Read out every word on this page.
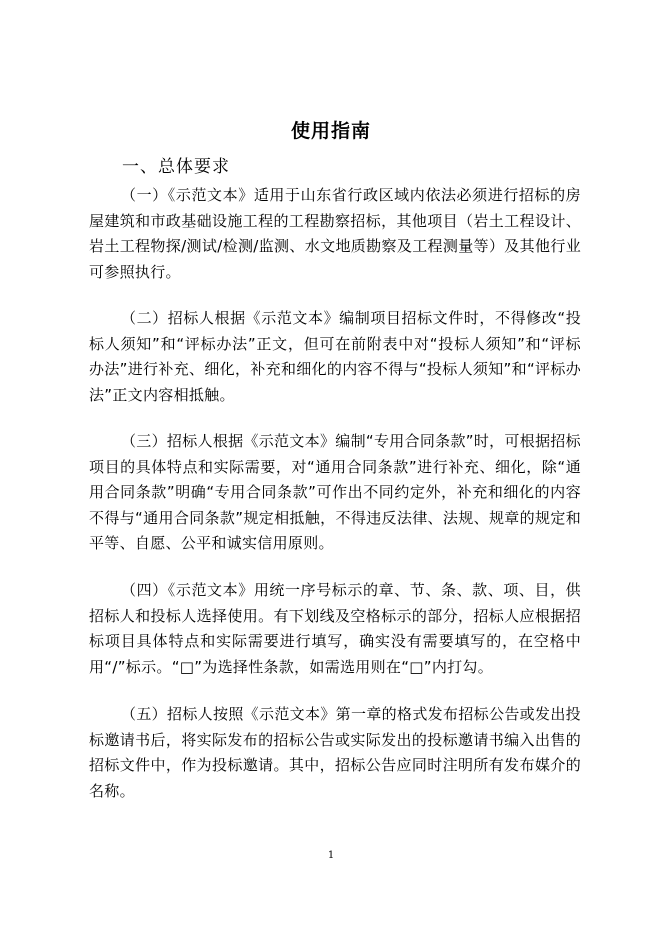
使用指南
一、总体要求

（一）《示范文本》适用于山东省行政区域内依法必须进行招标的房屋建筑和市政基础设施工程的工程勘察招标，其他项目（岩土工程设计、岩土工程物探/测试/检测/监测、水文地质勘察及工程测量等）及其他行业可参照执行。

（二）招标人根据《示范文本》编制项目招标文件时，不得修改“投标人须知”和“评标办法”正文，但可在前附表中对“投标人须知”和“评标办法”进行补充、细化，补充和细化的内容不得与“投标人须知”和“评标办法”正文内容相抵触。

（三）招标人根据《示范文本》编制“专用合同条款”时，可根据招标项目的具体特点和实际需要，对“通用合同条款”进行补充、细化，除“通用合同条款”明确“专用合同条款”可作出不同约定外，补充和细化的内容不得与“通用合同条款”规定相抵触，不得违反法律、法规、规章的规定和平等、自愿、公平和诚实信用原则。

（四）《示范文本》用统一序号标示的章、节、条、款、项、目，供招标人和投标人选择使用。有下划线及空格标示的部分，招标人应根据招标项目具体特点和实际需要进行填写，确实没有需要填写的，在空格中用“/”标示。“□”为选择性条款，如需选用则在“□”内打勾。

（五）招标人按照《示范文本》第一章的格式发布招标公告或发出投标邀请书后，将实际发布的招标公告或实际发出的投标邀请书编入出售的招标文件中，作为投标邀请。其中，招标公告应同时注明所有发布媒介的名称。

1
